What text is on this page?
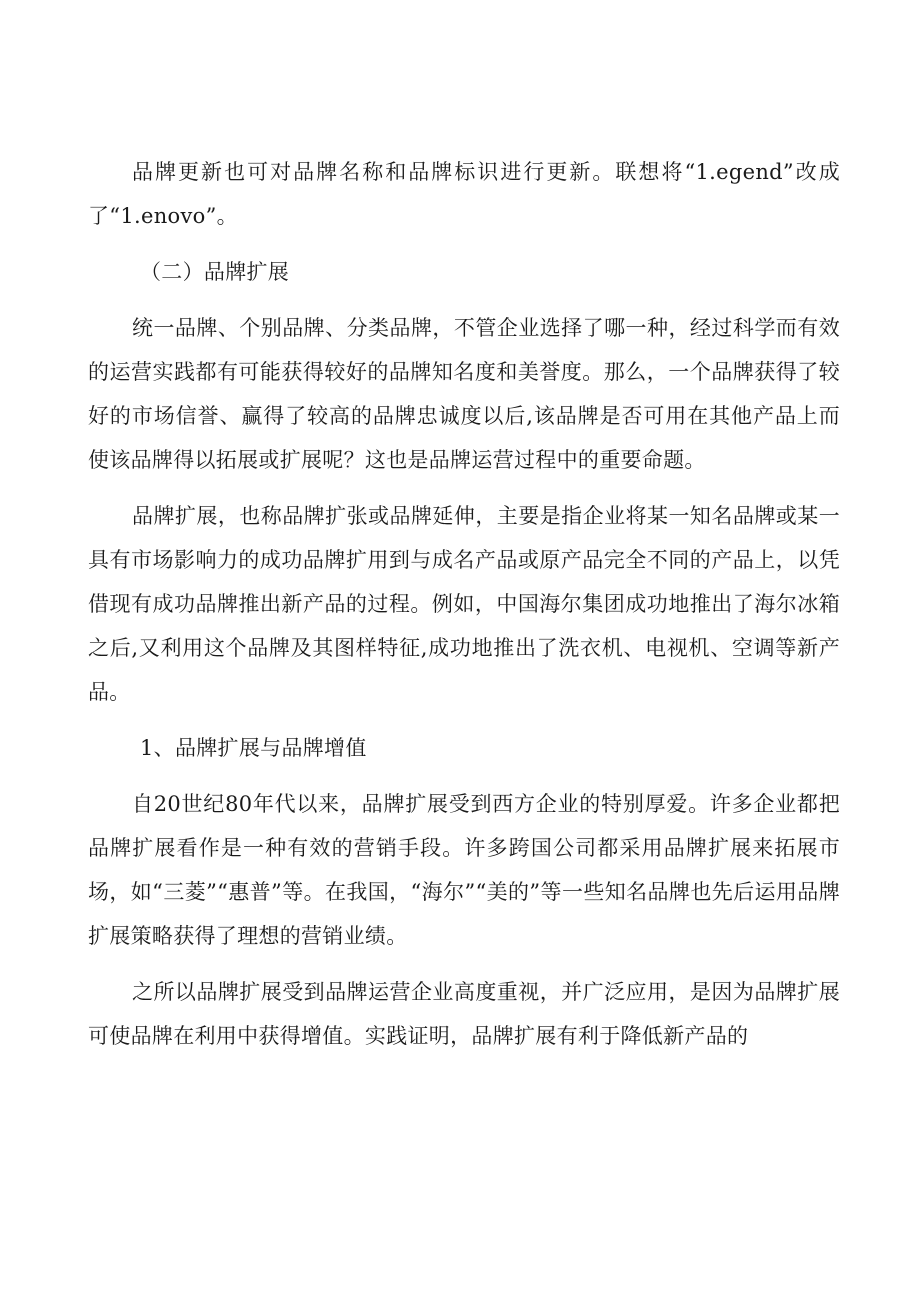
品牌更新也可对品牌名称和品牌标识进行更新。联想将“1.egend”改成了“1.enovo”。

（二）品牌扩展

统一品牌、个别品牌、分类品牌，不管企业选择了哪一种，经过科学而有效的运营实践都有可能获得较好的品牌知名度和美誉度。那么，一个品牌获得了较好的市场信誉、赢得了较高的品牌忠诚度以后,该品牌是否可用在其他产品上而使该品牌得以拓展或扩展呢？这也是品牌运营过程中的重要命题。

品牌扩展，也称品牌扩张或品牌延伸，主要是指企业将某一知名品牌或某一具有市场影响力的成功品牌扩用到与成名产品或原产品完全不同的产品上，以凭借现有成功品牌推出新产品的过程。例如，中国海尔集团成功地推出了海尔冰箱之后,又利用这个品牌及其图样特征,成功地推出了洗衣机、电视机、空调等新产品。

1、品牌扩展与品牌增值

自20世纪80年代以来，品牌扩展受到西方企业的特别厚爱。许多企业都把品牌扩展看作是一种有效的营销手段。许多跨国公司都采用品牌扩展来拓展市场，如“三菱”“惠普”等。在我国，“海尔”“美的”等一些知名品牌也先后运用品牌扩展策略获得了理想的营销业绩。

之所以品牌扩展受到品牌运营企业高度重视，并广泛应用，是因为品牌扩展可使品牌在利用中获得增值。实践证明，品牌扩展有利于降低新产品的
